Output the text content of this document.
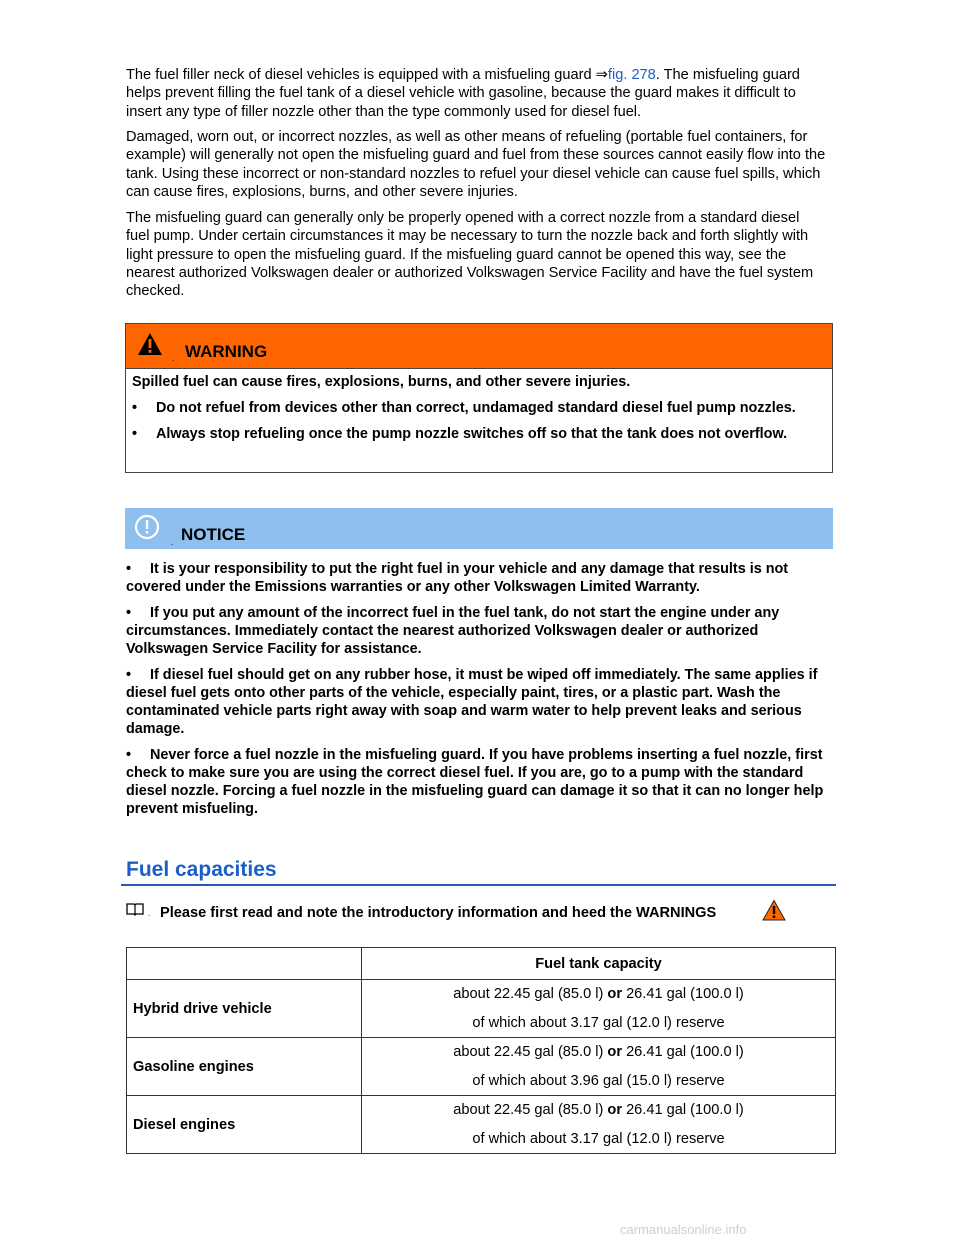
The fuel filler neck of diesel vehicles is equipped with a misfueling guard ⇒fig. 278. The misfueling guard helps prevent filling the fuel tank of a diesel vehicle with gasoline, because the guard makes it difficult to insert any type of filler nozzle other than the type commonly used for diesel fuel.

Damaged, worn out, or incorrect nozzles, as well as other means of refueling (portable fuel containers, for example) will generally not open the misfueling guard and fuel from these sources cannot easily flow into the tank. Using these incorrect or non-standard nozzles to refuel your diesel vehicle can cause fuel spills, which can cause fires, explosions, burns, and other severe injuries.

The misfueling guard can generally only be properly opened with a correct nozzle from a standard diesel fuel pump. Under certain circumstances it may be necessary to turn the nozzle back and forth slightly with light pressure to open the misfueling guard. If the misfueling guard cannot be opened this way, see the nearest authorized Volkswagen dealer or authorized Volkswagen Service Facility and have the fuel system checked.

. WARNING

Spilled fuel can cause fires, explosions, burns, and other severe injuries.

• Do not refuel from devices other than correct, undamaged standard diesel fuel pump nozzles.

• Always stop refueling once the pump nozzle switches off so that the tank does not overflow.

. NOTICE

• It is your responsibility to put the right fuel in your vehicle and any damage that results is not covered under the Emissions warranties or any other Volkswagen Limited Warranty.

• If you put any amount of the incorrect fuel in the fuel tank, do not start the engine under any circumstances. Immediately contact the nearest authorized Volkswagen dealer or authorized Volkswagen Service Facility for assistance.

• If diesel fuel should get on any rubber hose, it must be wiped off immediately. The same applies if diesel fuel gets onto other parts of the vehicle, especially paint, tires, or a plastic part. Wash the contaminated vehicle parts right away with soap and warm water to help prevent leaks and serious damage.

• Never force a fuel nozzle in the misfueling guard. If you have problems inserting a fuel nozzle, first check to make sure you are using the correct diesel fuel. If you are, go to a pump with the standard diesel nozzle. Forcing a fuel nozzle in the misfueling guard can damage it so that it can no longer help prevent misfueling.

Fuel capacities
. Please first read and note the introductory information and heed the WARNINGS
	Fuel tank capacity
Hybrid drive vehicle	about 22.45 gal (85.0 l) or 26.41 gal (100.0 l)
of which about 3.17 gal (12.0 l) reserve

Gasoline engines	about 22.45 gal (85.0 l) or 26.41 gal (100.0 l)
of which about 3.96 gal (15.0 l) reserve

Diesel engines	about 22.45 gal (85.0 l) or 26.41 gal (100.0 l)
of which about 3.17 gal (12.0 l) reserve
carmanualsonline.info
